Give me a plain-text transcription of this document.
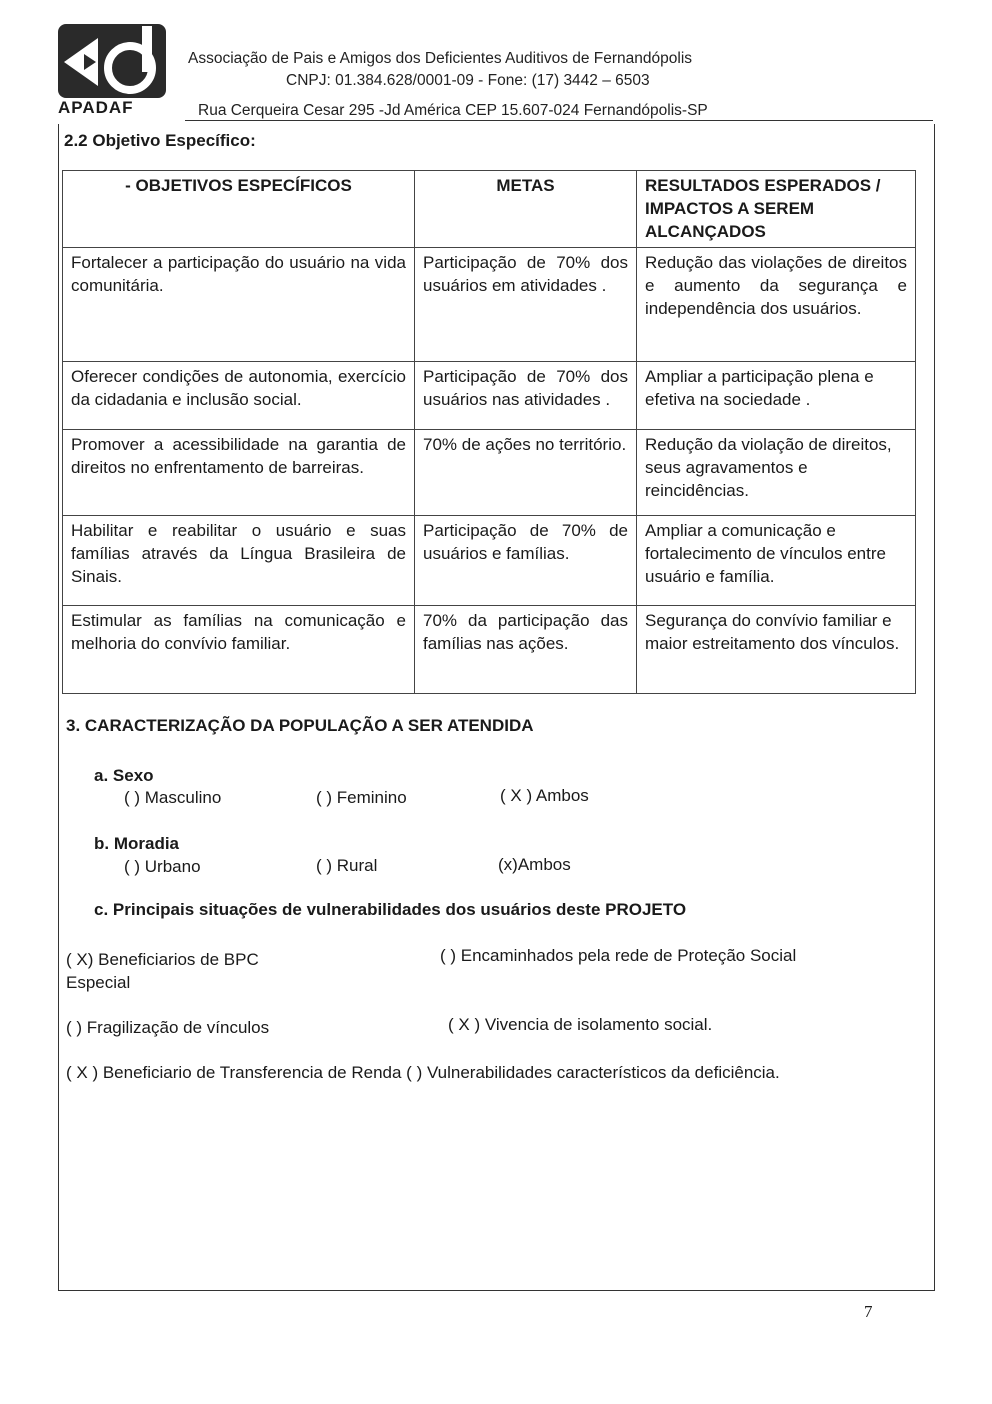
APADAF
Associação de Pais e Amigos dos Deficientes Auditivos de Fernandópolis
CNPJ: 01.384.628/0001-09 - Fone: (17) 3442 – 6503
Rua Cerqueira Cesar 295 -Jd América CEP 15.607-024 Fernandópolis-SP
2.2 Objetivo Específico:
- OBJETIVOS ESPECÍFICOS	METAS	RESULTADOS ESPERADOS / IMPACTOS A SEREM ALCANÇADOS
Fortalecer a participação do usuário na vida comunitária.	Participação de 70% dos usuários em atividades .	Redução das violações de direitos e aumento da segurança e independência dos usuários.
Oferecer condições de autonomia, exercício da cidadania e inclusão social.	Participação de 70% dos usuários nas atividades .	Ampliar a participação plena e efetiva na sociedade .
Promover a acessibilidade na garantia de direitos no enfrentamento de barreiras.	70% de ações no território.	Redução da violação de direitos, seus agravamentos e reincidências.
Habilitar e reabilitar o usuário e suas famílias através da Língua Brasileira de Sinais.	Participação de 70% de usuários e famílias.	Ampliar a comunicação e fortalecimento de vínculos entre usuário e família.
Estimular as famílias na comunicação e melhoria do convívio familiar.	70% da participação das famílias nas ações.	Segurança do convívio familiar e maior estreitamento dos vínculos.
3. CARACTERIZAÇÃO DA POPULAÇÃO A SER ATENDIDA
a. Sexo
( ) Masculino	( ) Feminino	( X ) Ambos
b. Moradia
( ) Urbano	( ) Rural	(x)Ambos
c. Principais situações de vulnerabilidades dos usuários deste PROJETO
( X) Beneficiarios de BPC	( ) Encaminhados pela rede de Proteção Social
Especial
( ) Fragilização de vínculos	( X ) Vivencia de isolamento social.
( X ) Beneficiario de Transferencia de Renda ( ) Vulnerabilidades característicos da deficiência.
7
